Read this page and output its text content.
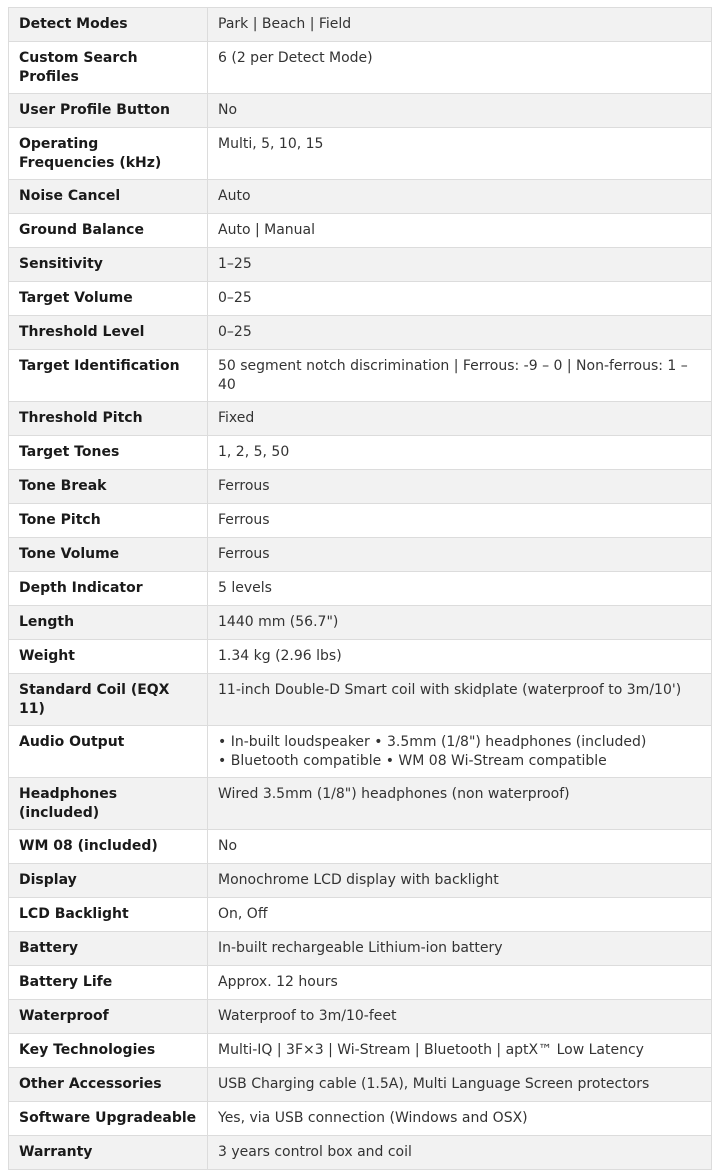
Detect Modes	Park | Beach | Field

Custom Search Profiles	6 (2 per Detect Mode)

User Profile Button	No

Operating Frequencies (kHz)	Multi, 5, 10, 15

Noise Cancel	Auto

Ground Balance	Auto | Manual

Sensitivity	1–25

Target Volume	0–25

Threshold Level	0–25

Target Identification	50 segment notch discrimination | Ferrous: -9 – 0 | Non-ferrous: 1 – 40

Threshold Pitch	Fixed

Target Tones	1, 2, 5, 50

Tone Break	Ferrous

Tone Pitch	Ferrous

Tone Volume	Ferrous

Depth Indicator	5 levels

Length	1440 mm (56.7")

Weight	1.34 kg (2.96 lbs)

Standard Coil (EQX 11)	11-inch Double-D Smart coil with skidplate (waterproof to 3m/10')

Audio Output	• In-built loudspeaker • 3.5mm (1/8") headphones (included)
• Bluetooth compatible • WM 08 Wi-Stream compatible

Headphones (included)	Wired 3.5mm (1/8") headphones (non waterproof)

WM 08 (included)	No

Display	Monochrome LCD display with backlight

LCD Backlight	On, Off

Battery	In-built rechargeable Lithium-ion battery

Battery Life	Approx. 12 hours

Waterproof	Waterproof to 3m/10-feet

Key Technologies	Multi-IQ | 3F×3 | Wi-Stream | Bluetooth | aptX™ Low Latency

Other Accessories	USB Charging cable (1.5A), Multi Language Screen protectors

Software Upgradeable	Yes, via USB connection (Windows and OSX)

Warranty	3 years control box and coil
